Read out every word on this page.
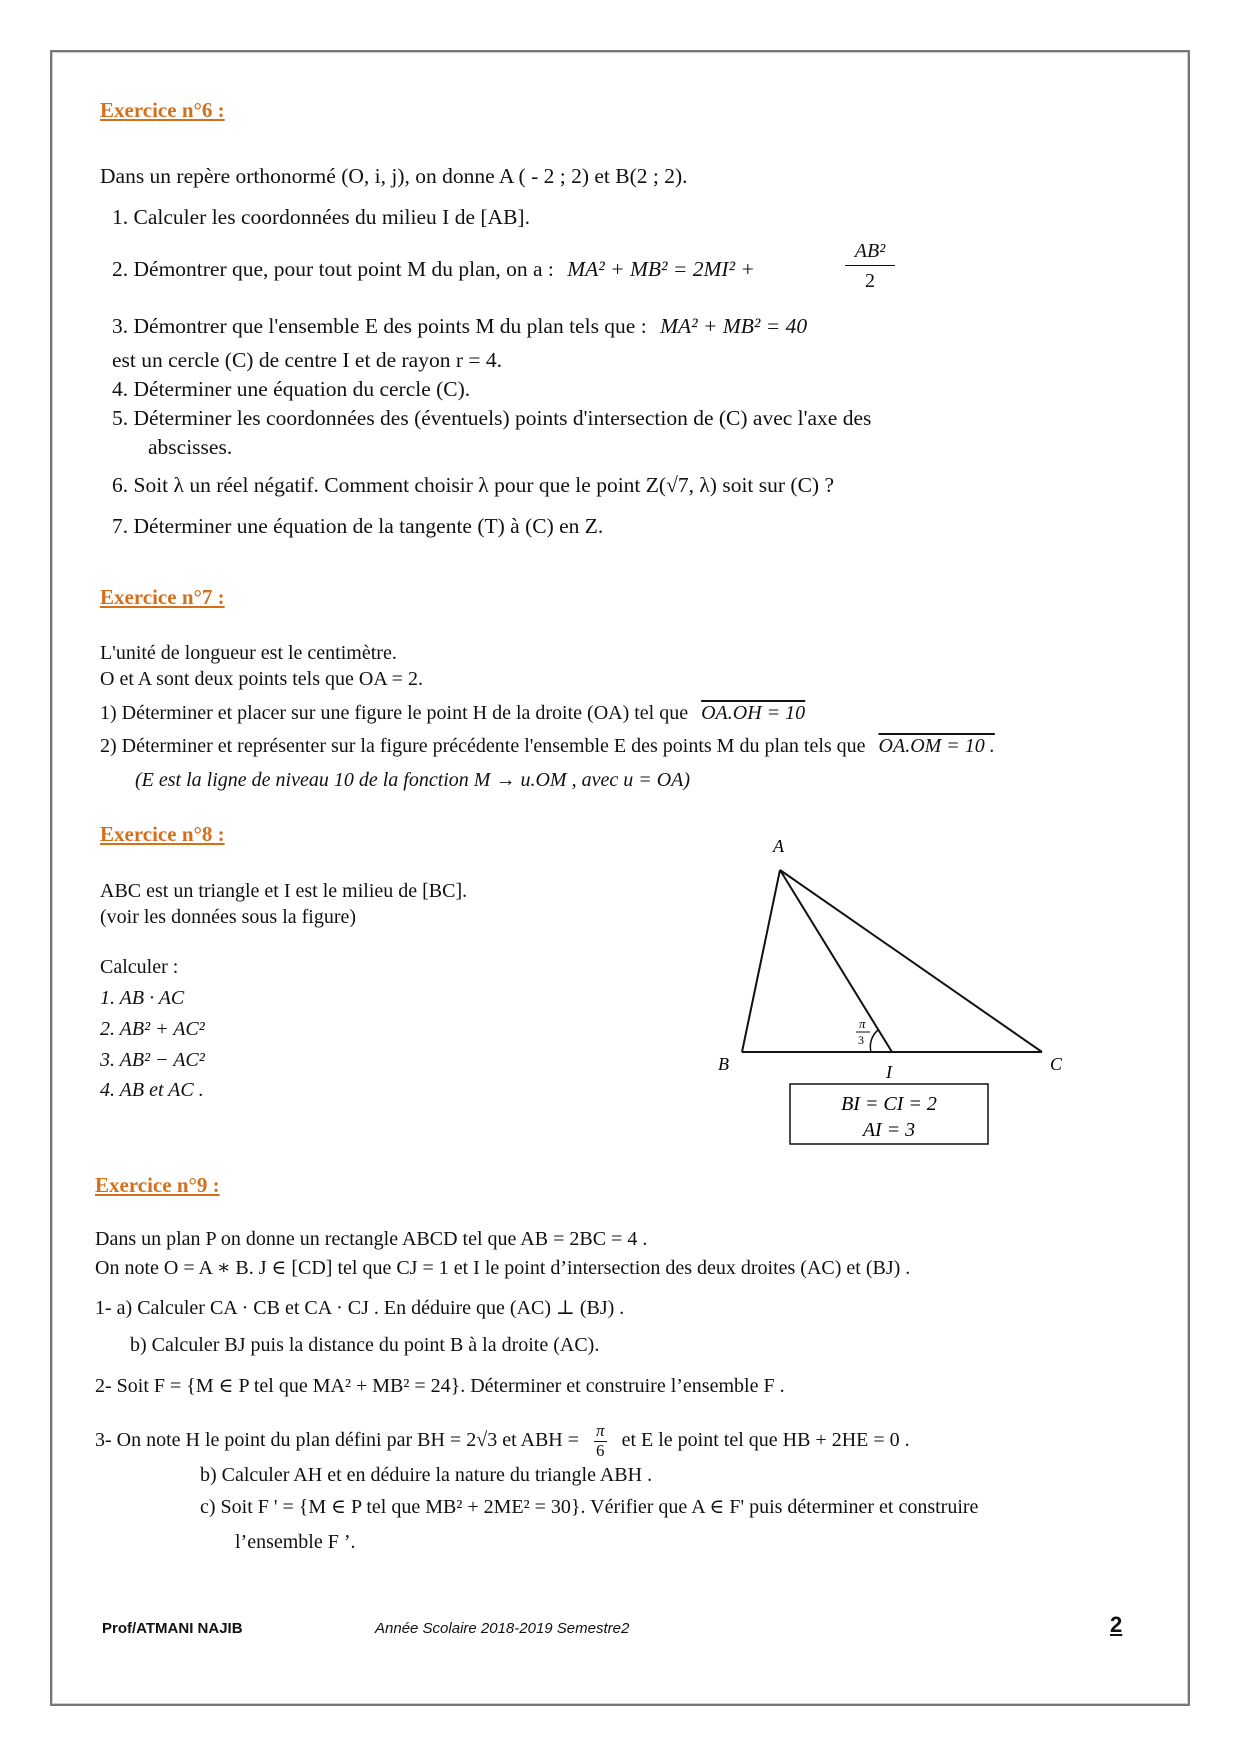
Exercice n°6 :
Dans un repère orthonormé (O, i, j), on donne A ( - 2 ; 2) et B(2 ; 2).
1. Calculer les coordonnées du milieu I de [AB].
2. Démontrer que, pour tout point M du plan, on a : MA² + MB² = 2MI² +	$\frac{\text{AB²}}{2}$
3. Démontrer que l'ensemble E des points M du plan tels que : MA² + MB² = 40
est un cercle (C) de centre I et de rayon r = 4.
4. Déterminer une équation du cercle (C).
5. Déterminer les coordonnées des (éventuels) points d'intersection de (C) avec l'axe des
abscisses.
6. Soit λ un réel négatif. Comment choisir λ pour que le point Z(√7, λ) soit sur (C) ?
7. Déterminer une équation de la tangente (T) à (C) en Z.
Exercice n°7 :
L'unité de longueur est le centimètre.
O et A sont deux points tels que OA = 2.
1) Déterminer et placer sur une figure le point H de la droite (OA) tel que OA.OH = 10
2) Déterminer et représenter sur la figure précédente l'ensemble E des points M du plan tels que OA.OM = 10 .
(E est la ligne de niveau 10 de la fonction M → u.OM , avec u = OA)
Exercice n°8 :
ABC est un triangle et I est le milieu de [BC].
(voir les données sous la figure)
Calculer :
1. AB · AC
2. AB² + AC²
3. AB² − AC²
4. AB et AC .
A
B	C
I
π
3
BI = CI = 2
AI = 3
Exercice n°9 :
Dans un plan P on donne un rectangle ABCD tel que AB = 2BC = 4 .
On note O = A ∗ B. J ∈ [CD] tel que CJ = 1 et I le point d’intersection des deux droites (AC) et (BJ) .
1- a) Calculer CA · CB et CA · CJ . En déduire que (AC) ⊥ (BJ) .
b) Calculer BJ puis la distance du point B à la droite (AC).
2- Soit F = {M ∈ P tel que MA² + MB² = 24}. Déterminer et construire l’ensemble F .
3- On note H le point du plan défini par BH = 2√3 et ABH = $\frac{\pi}{6}$ et E le point tel que HB + 2HE = 0 .
b) Calculer AH et en déduire la nature du triangle ABH .
c) Soit F ' = {M ∈ P tel que MB² + 2ME² = 30}. Vérifier que A ∈ F' puis déterminer et construire
l’ensemble F ’.
Prof/ATMANI NAJIB	Année Scolaire 2018-2019 Semestre2	2
